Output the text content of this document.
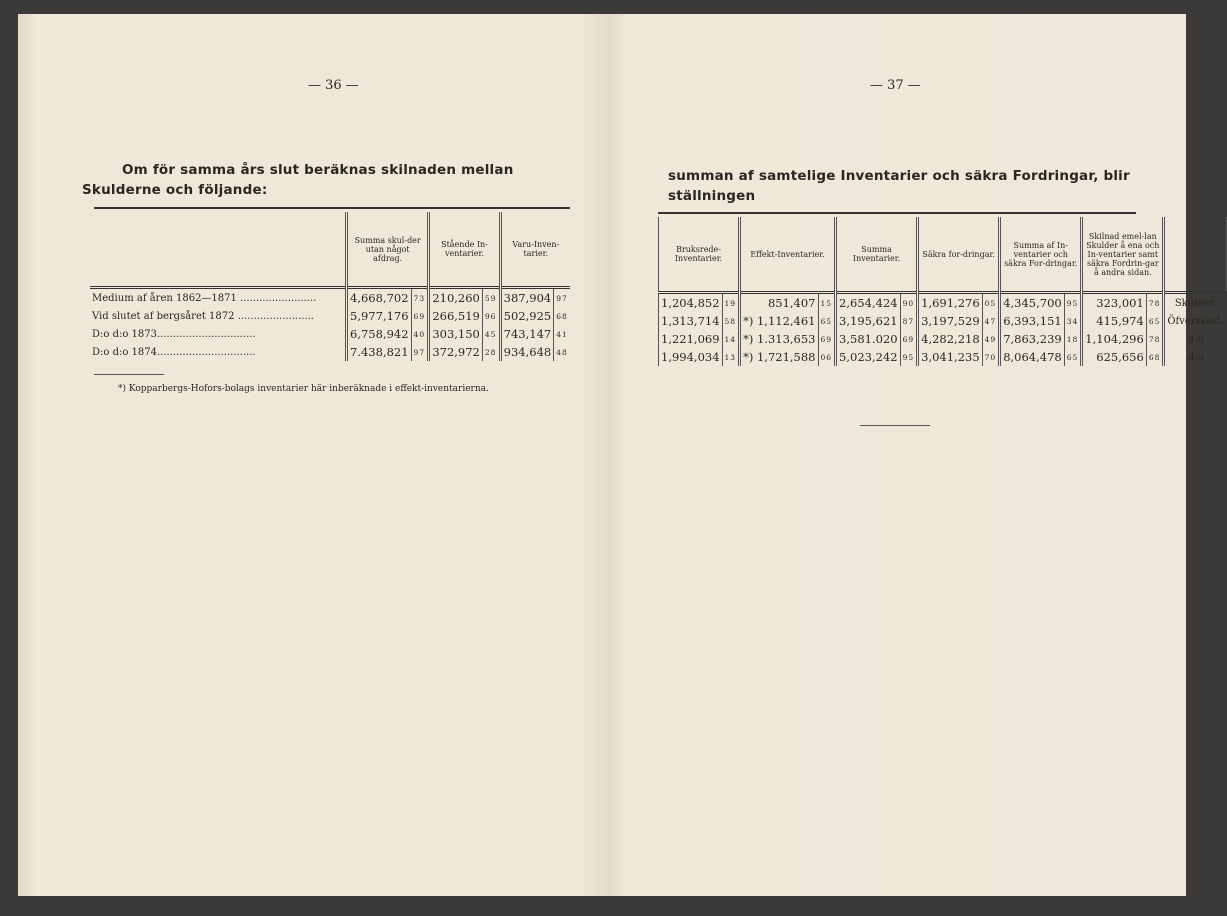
— 36 —
Om för samma års slut beräknas skilnaden mellan Skulderne och följande:
	Summa skul-der utan något afdrag.		Stående In-ventarier.		Varu-Inven-tarier.	
Medium af åren 1862—1871 ........................	4,668,702	73	210,260	59	387,904	97
Vid slutet af bergsåret 1872 ........................	5,977,176	69	266,519	96	502,925	68
D:o d:o 1873...............................	6,758,942	40	303,150	45	743,147	41
D:o d:o 1874...............................	7.438,821	97	372,972	28	934,648	48
*) Kopparbergs-Hofors-bolags inventarier här inberäknade i effekt-inventarierna.
— 37 —
summan af samtelige Inventarier och säkra Fordringar, blir ställningen
Bruksrede-Inventarier.		Effekt-Inventarier.		Summa Inventarier.		Säkra for-dringar.		Summa af In-ventarier och säkra For-dringar.		Skilnad emel-lan Skulder å ena och In-ventarier samt säkra Fordrin-gar å andra sidan.		
1,204,852	19	851,407	15	2,654,424	90	1,691,276	05	4,345,700	95	323,001	78	Skulder.
1,313,714	58	*) 1,112,461	65	3,195,621	87	3,197,529	47	6,393,151	34	415,974	65	Öfverskott.
1,221,069	14	*) 1.313,653	69	3,581.020	69	4,282,218	49	7,863,239	18	1,104,296	78	d:o
1,994,034	13	*) 1,721,588	06	5,023,242	95	3,041,235	70	8,064,478	65	625,656	68	d:o
